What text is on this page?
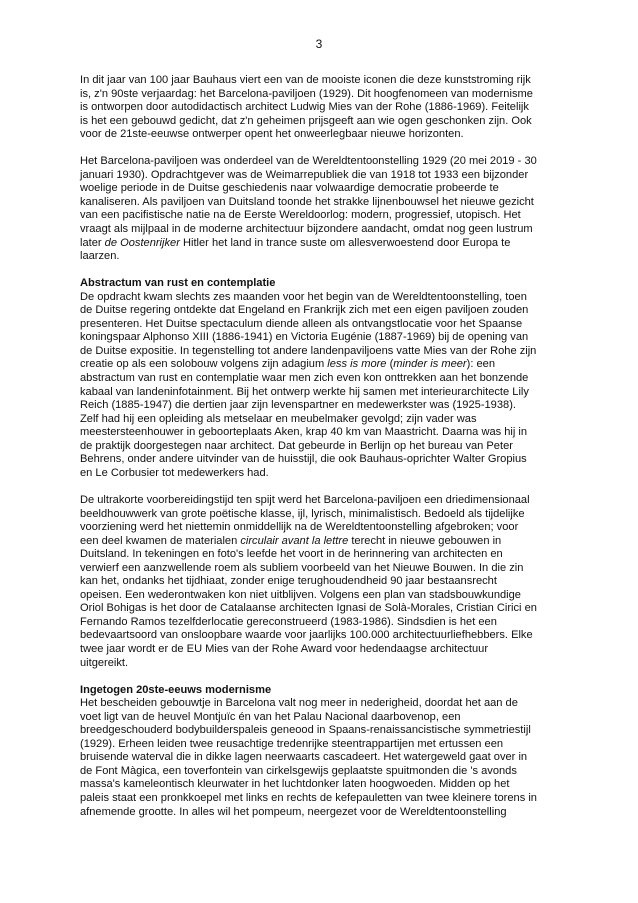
3

In dit jaar van 100 jaar Bauhaus viert een van de mooiste iconen die deze kunststroming rijk
is, z'n 90ste verjaardag: het Barcelona-paviljoen (1929). Dit hoogfenomeen van modernisme
is ontworpen door autodidactisch architect Ludwig Mies van der Rohe (1886-1969). Feitelijk
is het een gebouwd gedicht, dat z'n geheimen prijsgeeft aan wie ogen geschonken zijn. Ook
voor de 21ste-eeuwse ontwerper opent het onweerlegbaar nieuwe horizonten.

Het Barcelona-paviljoen was onderdeel van de Wereldtentoonstelling 1929 (20 mei 2019 - 30
januari 1930). Opdrachtgever was de Weimarrepubliek die van 1918 tot 1933 een bijzonder
woelige periode in de Duitse geschiedenis naar volwaardige democratie probeerde te
kanaliseren. Als paviljoen van Duitsland toonde het strakke lijnenbouwsel het nieuwe gezicht
van een pacifistische natie na de Eerste Wereldoorlog: modern, progressief, utopisch. Het
vraagt als mijlpaal in de moderne architectuur bijzondere aandacht, omdat nog geen lustrum
later de Oostenrijker Hitler het land in trance suste om allesverwoestend door Europa te
laarzen.

Abstractum van rust en contemplatie
De opdracht kwam slechts zes maanden voor het begin van de Wereldtentoonstelling, toen
de Duitse regering ontdekte dat Engeland en Frankrijk zich met een eigen paviljoen zouden
presenteren. Het Duitse spectaculum diende alleen als ontvangstlocatie voor het Spaanse
koningspaar Alphonso XIII (1886-1941) en Victoria Eugénie (1887-1969) bij de opening van
de Duitse expositie. In tegenstelling tot andere landenpaviljoens vatte Mies van der Rohe zijn
creatie op als een solobouw volgens zijn adagium less is more (minder is meer): een
abstractum van rust en contemplatie waar men zich even kon onttrekken aan het bonzende
kabaal van landeninfotainment. Bij het ontwerp werkte hij samen met interieurarchitecte Lily
Reich (1885-1947) die dertien jaar zijn levenspartner en medewerkster was (1925-1938).
Zelf had hij een opleiding als metselaar en meubelmaker gevolgd; zijn vader was
meestersteenhouwer in geboorteplaats Aken, krap 40 km van Maastricht. Daarna was hij in
de praktijk doorgestegen naar architect. Dat gebeurde in Berlijn op het bureau van Peter
Behrens, onder andere uitvinder van de huisstijl, die ook Bauhaus-oprichter Walter Gropius
en Le Corbusier tot medewerkers had.

De ultrakorte voorbereidingstijd ten spijt werd het Barcelona-paviljoen een driedimensionaal
beeldhouwwerk van grote poëtische klasse, ijl, lyrisch, minimalistisch. Bedoeld als tijdelijke
voorziening werd het niettemin onmiddellijk na de Wereldtentoonstelling afgebroken; voor
een deel kwamen de materialen circulair avant la lettre terecht in nieuwe gebouwen in
Duitsland. In tekeningen en foto's leefde het voort in de herinnering van architecten en
verwierf een aanzwellende roem als subliem voorbeeld van het Nieuwe Bouwen. In die zin
kan het, ondanks het tijdhiaat, zonder enige terughoudendheid 90 jaar bestaansrecht
opeisen. Een wederontwaken kon niet uitblijven. Volgens een plan van stadsbouwkundige
Oriol Bohigas is het door de Catalaanse architecten Ignasi de Solà-Morales, Cristian Cirici en
Fernando Ramos tezelfderlocatie gereconstrueerd (1983-1986). Sindsdien is het een
bedevaartsoord van onsloopbare waarde voor jaarlijks 100.000 architectuurliefhebbers. Elke
twee jaar wordt er de EU Mies van der Rohe Award voor hedendaagse architectuur
uitgereikt.

Ingetogen 20ste-eeuws modernisme
Het bescheiden gebouwtje in Barcelona valt nog meer in nederigheid, doordat het aan de
voet ligt van de heuvel Montjuïc én van het Palau Nacional daarbovenop, een
breedgeschouderd bodybuilderspaleis geneood in Spaans-renaissancistische symmetriestijl
(1929). Erheen leiden twee reusachtige tredenrijke steentrappartijen met ertussen een
bruisende waterval die in dikke lagen neerwaarts cascadeert. Het watergeweld gaat over in
de Font Màgica, een toverfontein van cirkelsgewijs geplaatste spuitmonden die 's avonds
massa's kameleontisch kleurwater in het luchtdonker laten hoogwoeden. Midden op het
paleis staat een pronkkoepel met links en rechts de kefepauletten van twee kleinere torens in
afnemende grootte. In alles wil het pompeum, neergezet voor de Wereldtentoonstelling
